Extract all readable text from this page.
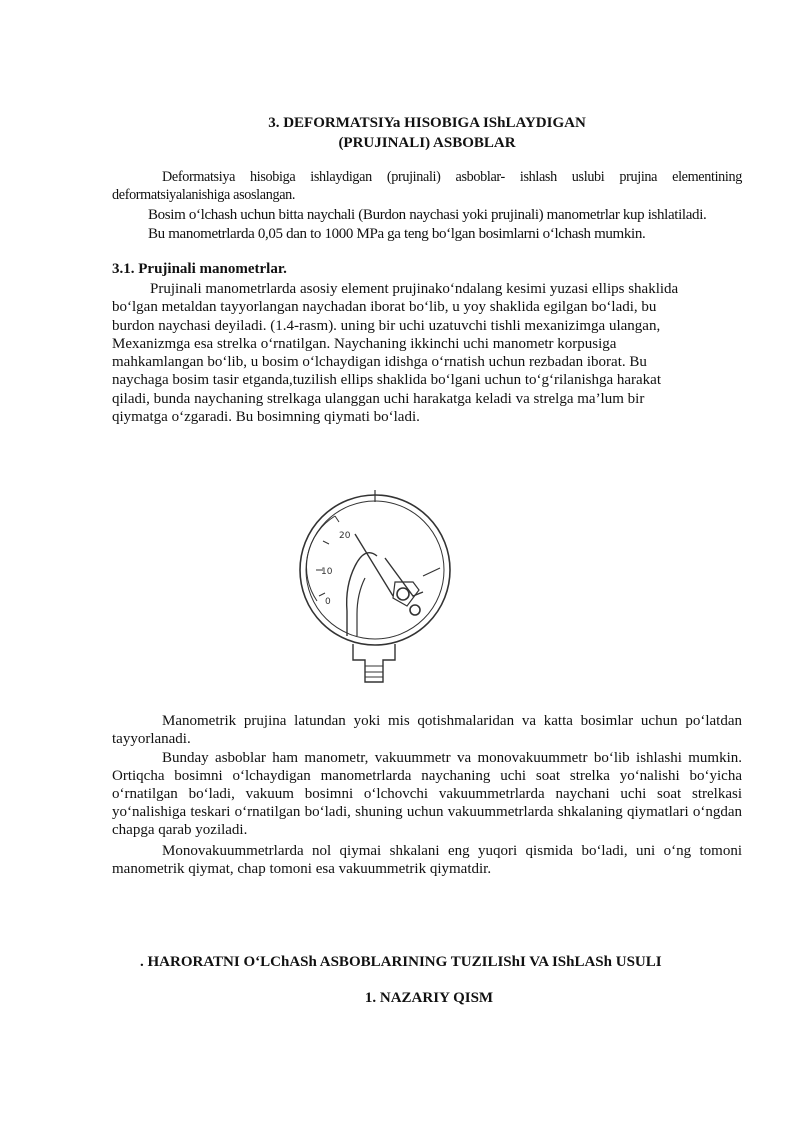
3. DEFORMATSIYa HISOBIGA IShLAYDIGAN
(PRUJINALI) ASBOBLAR

Deformatsiya hisobiga ishlaydigan (prujinali) asboblar- ishlash uslubi prujina elementining deformatsiyalanishiga asoslangan.

Bosim o‘lchash uchun bitta naychali (Burdon naychasi yoki prujinali) manometrlar kup ishlatiladi.

Bu manometrlarda 0,05 dan to 1000 MPa ga teng bo‘lgan bosimlarni o‘lchash mumkin.

3.1. Prujinali manometrlar.
Prujinali manometrlarda asosiy element prujinako‘ndalang kesimi yuzasi ellips shaklida
bo‘lgan metaldan tayyorlangan naychadan iborat bo‘lib, u yoy shaklida egilgan bo‘ladi, bu
burdon naychasi deyiladi. (1.4-rasm). uning bir uchi uzatuvchi tishli mexanizimga ulangan,
Mexanizmga esa strelka o‘rnatilgan. Naychaning ikkinchi uchi manometr korpusiga
mahkamlangan bo‘lib, u bosim o‘lchaydigan idishga o‘rnatish uchun rezbadan iborat. Bu
naychaga bosim tasir etganda,tuzilish ellips shaklida bo‘lgani uchun to‘g‘rilanishga harakat
qiladi, bunda naychaning strelkaga ulanggan uchi harakatga keladi va strelga ma’lum bir
qiymatga o‘zgaradi. Bu bosimning qiymati bo‘ladi.
20
10
0

Manometrik prujina latundan yoki mis qotishmalaridan va katta bosimlar uchun po‘latdan tayyorlanadi.

Bunday asboblar ham manometr, vakuummetr va monovakuummetr bo‘lib ishlashi mumkin. Ortiqcha bosimni o‘lchaydigan manometrlarda naychaning uchi soat strelka yo‘nalishi bo‘yicha o‘rnatilgan bo‘ladi, vakuum bosimni o‘lchovchi vakuummetrlarda naychani uchi soat strelkasi yo‘nalishiga teskari o‘rnatilgan bo‘ladi, shuning uchun vakuummetrlarda shkalaning qiymatlari o‘ngdan chapga qarab yoziladi.

Monovakuummetrlarda nol qiymai shkalani eng yuqori qismida bo‘ladi, uni o‘ng tomoni manometrik qiymat, chap tomoni esa vakuummetrik qiymatdir.

. HARORATNI O‘LChASh ASBOBLARINING TUZILIShI VA IShLASh USULI
1. NAZARIY QISM
